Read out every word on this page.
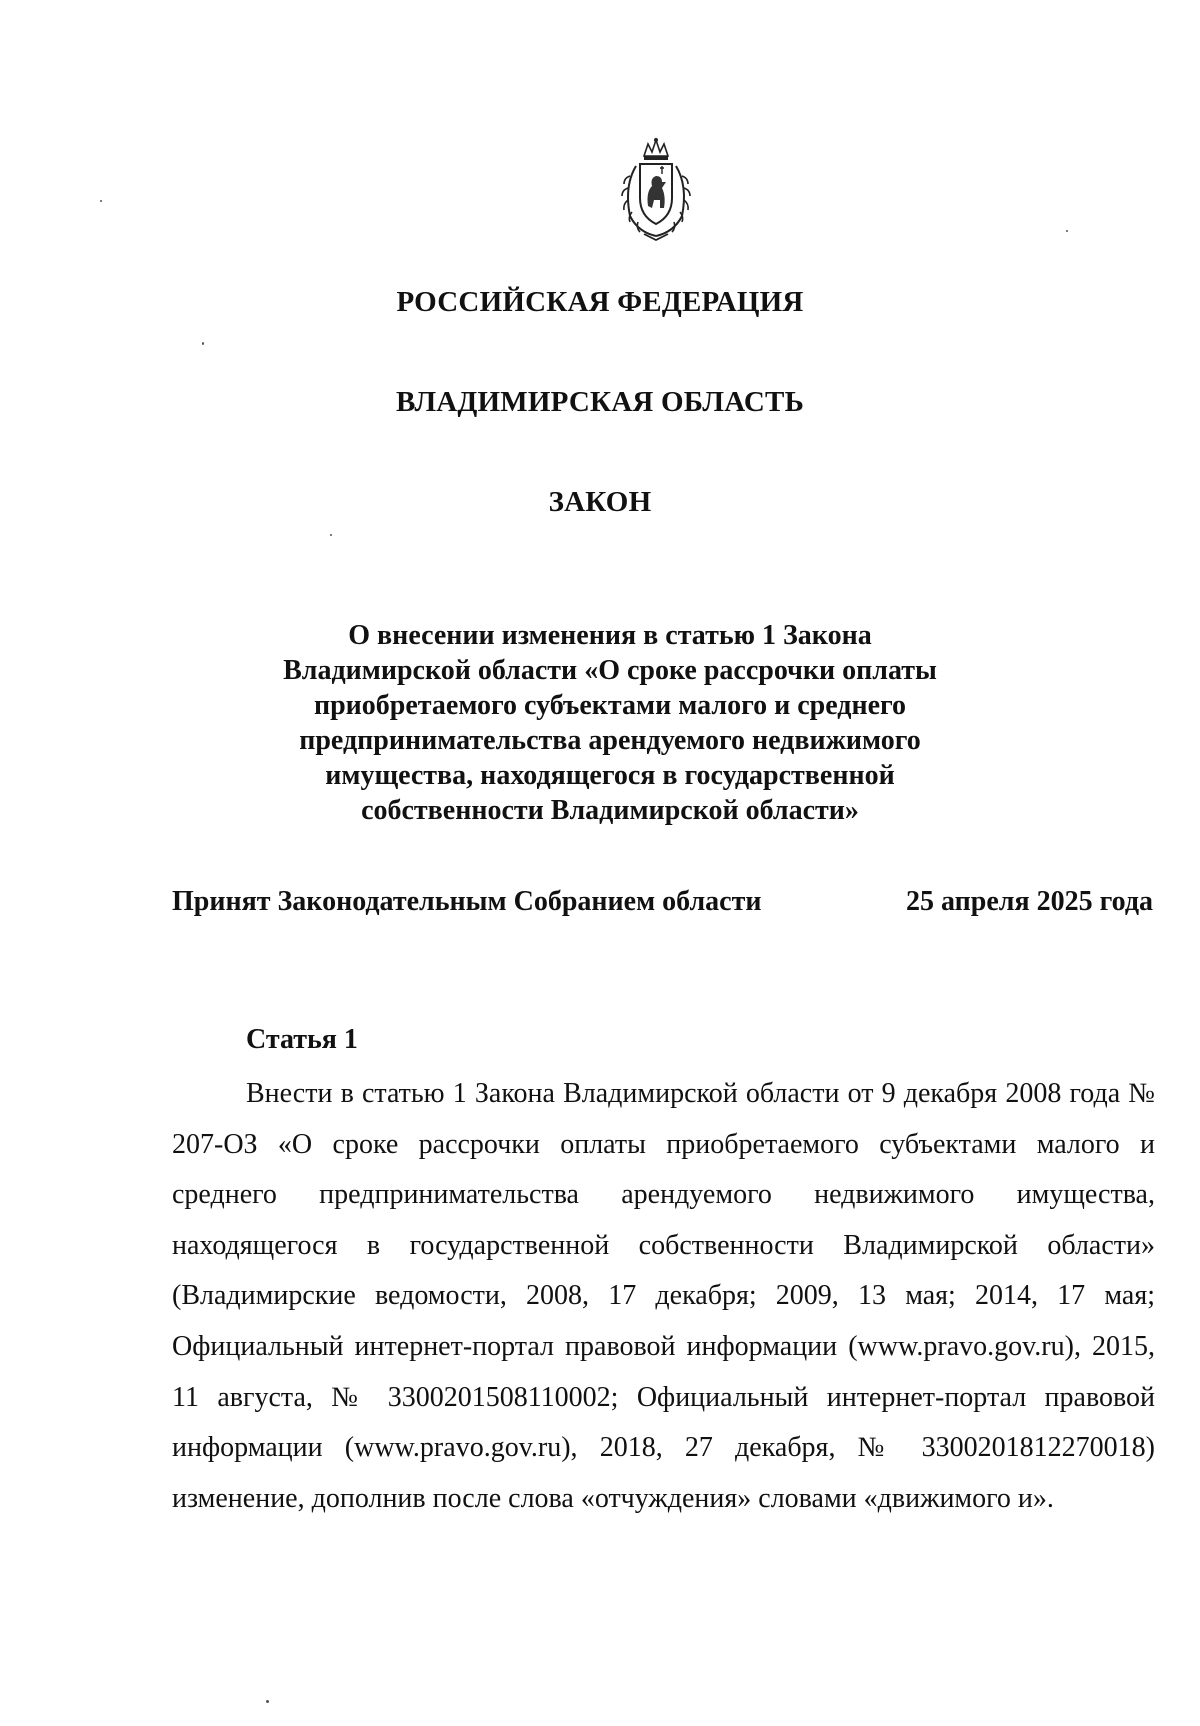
РОССИЙСКАЯ ФЕДЕРАЦИЯ
ВЛАДИМИРСКАЯ ОБЛАСТЬ
ЗАКОН
О внесении изменения в статью 1 Закона
Владимирской области «О сроке рассрочки оплаты
приобретаемого субъектами малого и среднего
предпринимательства арендуемого недвижимого
имущества, находящегося в государственной
собственности Владимирской области»
Принят Законодательным Собранием области	25 апреля 2025 года
Статья 1

Внести в статью 1 Закона Владимирской области от 9 декабря 2008 года № 207-ОЗ «О сроке рассрочки оплаты приобретаемого субъектами малого и среднего предпринимательства арендуемого недвижимого имущества, находящегося в государственной собственности Владимирской области» (Владимирские ведомости, 2008, 17 декабря; 2009, 13 мая; 2014, 17 мая; Официальный интернет-портал правовой информации (www.pravo.gov.ru), 2015, 11 августа, № 3300201508110002; Официальный интернет-портал правовой информации (www.pravo.gov.ru), 2018, 27 декабря, № 3300201812270018) изменение, дополнив после слова «отчуждения» словами «движимого и».
